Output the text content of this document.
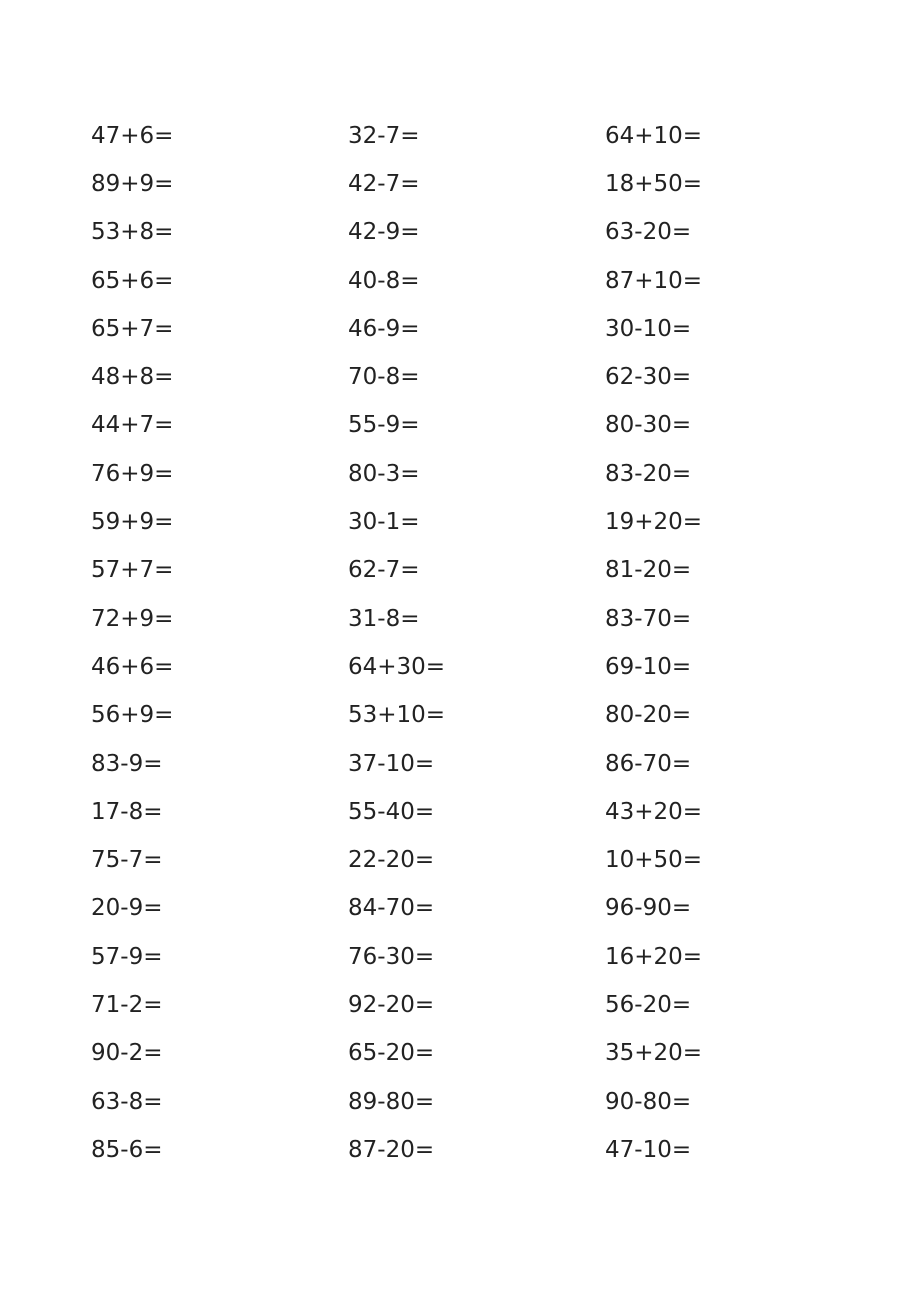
47+6=	32-7=	64+10=
89+9=	42-7=	18+50=
53+8=	42-9=	63-20=
65+6=	40-8=	87+10=
65+7=	46-9=	30-10=
48+8=	70-8=	62-30=
44+7=	55-9=	80-30=
76+9=	80-3=	83-20=
59+9=	30-1=	19+20=
57+7=	62-7=	81-20=
72+9=	31-8=	83-70=
46+6=	64+30=	69-10=
56+9=	53+10=	80-20=
83-9=	37-10=	86-70=
17-8=	55-40=	43+20=
75-7=	22-20=	10+50=
20-9=	84-70=	96-90=
57-9=	76-30=	16+20=
71-2=	92-20=	56-20=
90-2=	65-20=	35+20=
63-8=	89-80=	90-80=
85-6=	87-20=	47-10=
